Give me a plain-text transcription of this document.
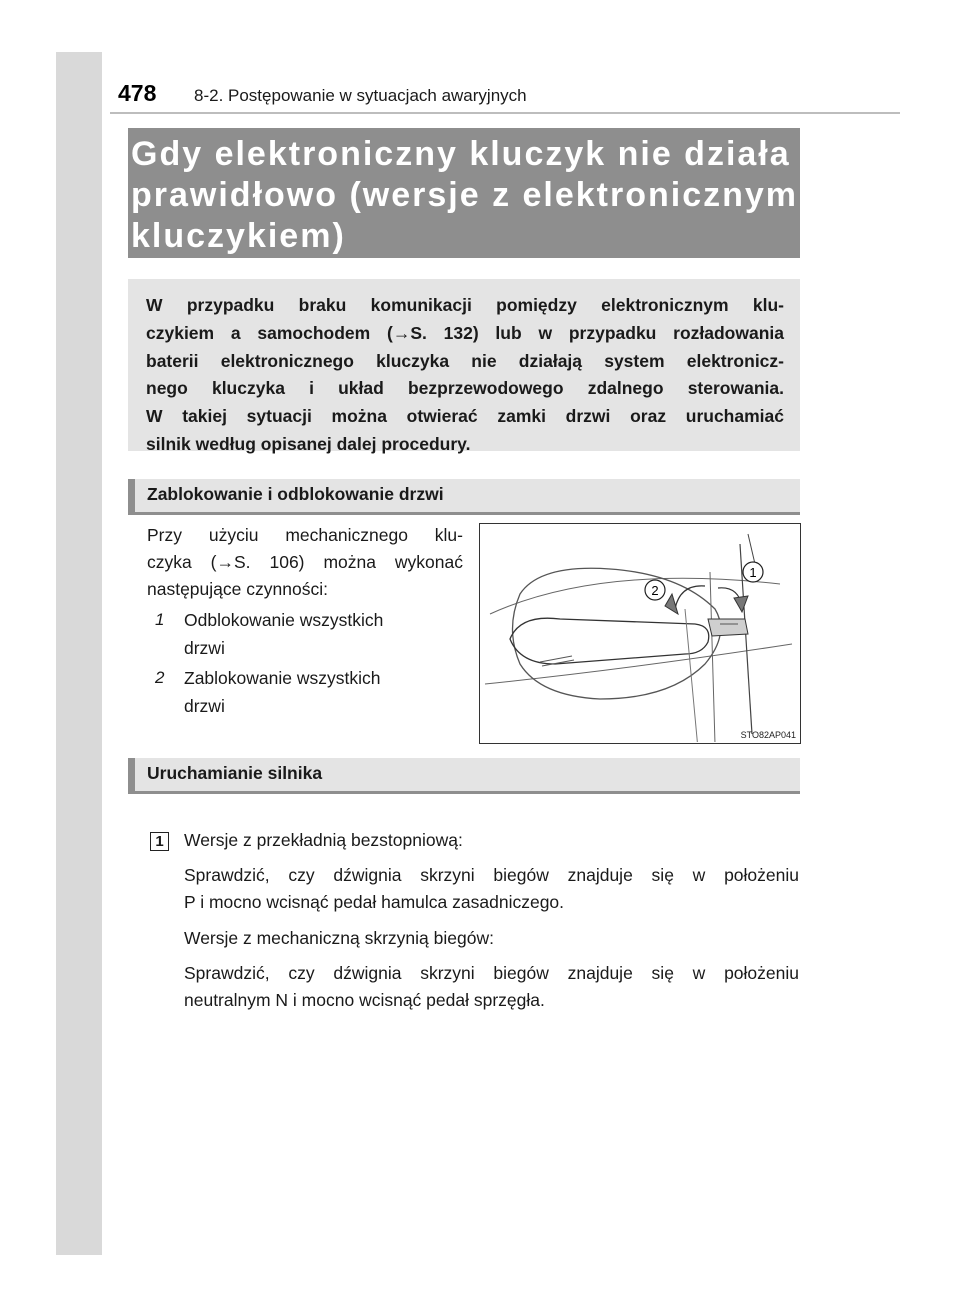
478 8-2. Postępowanie w sytuacjach awaryjnych
Gdy elektroniczny kluczyk nie działa
prawidłowo (wersje z elektronicznym
kluczykiem)
W przypadku braku komunikacji pomiędzy elektronicznym klu-
czykiem a samochodem (→S. 132) lub w przypadku rozładowania
baterii elektronicznego kluczyka nie działają system elektronicz-
nego kluczyka i układ bezprzewodowego zdalnego sterowania.
W takiej sytuacji można otwierać zamki drzwi oraz uruchamiać
silnik według opisanej dalej procedury.
Zablokowanie i odblokowanie drzwi
Przy użyciu mechanicznego klu-
czyka (→S. 106) można wykonać
następujące czynności:
1	Odblokowanie wszystkich
drzwi
2	Zablokowanie wszystkich
drzwi
2
1
STO82AP041
Uruchamianie silnika
1	Wersje z przekładnią bezstopniową:
Sprawdzić, czy dźwignia skrzyni biegów znajduje się w położeniu
P i mocno wcisnąć pedał hamulca zasadniczego.
Wersje z mechaniczną skrzynią biegów:
Sprawdzić, czy dźwignia skrzyni biegów znajduje się w położeniu
neutralnym N i mocno wcisnąć pedał sprzęgła.
